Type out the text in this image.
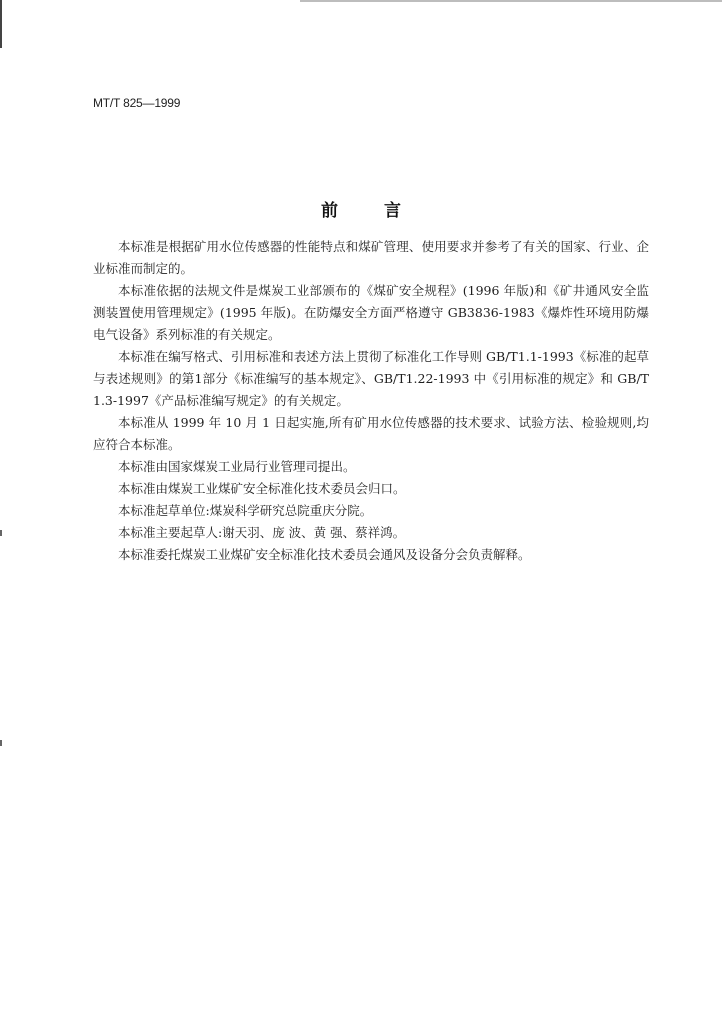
MT/T 825—1999
前	言

本标准是根据矿用水位传感器的性能特点和煤矿管理、使用要求并参考了有关的国家、行业、企业标准而制定的。

本标准依据的法规文件是煤炭工业部颁布的《煤矿安全规程》(1996 年版)和《矿井通风安全监测装置使用管理规定》(1995 年版)。在防爆安全方面严格遵守 GB3836-1983《爆炸性环境用防爆电气设备》系列标准的有关规定。

本标准在编写格式、引用标准和表述方法上贯彻了标准化工作导则 GB/T1.1-1993《标准的起草与表述规则》的第1部分《标准编写的基本规定》、GB/T1.22-1993 中《引用标准的规定》和 GB/T1.3-1997《产品标准编写规定》的有关规定。

本标准从 1999 年 10 月 1 日起实施,所有矿用水位传感器的技术要求、试验方法、检验规则,均应符合本标准。

本标准由国家煤炭工业局行业管理司提出。

本标准由煤炭工业煤矿安全标准化技术委员会归口。

本标准起草单位:煤炭科学研究总院重庆分院。

本标准主要起草人:谢天羽、庞 波、黄 强、蔡祥鸿。

本标准委托煤炭工业煤矿安全标准化技术委员会通风及设备分会负责解释。
